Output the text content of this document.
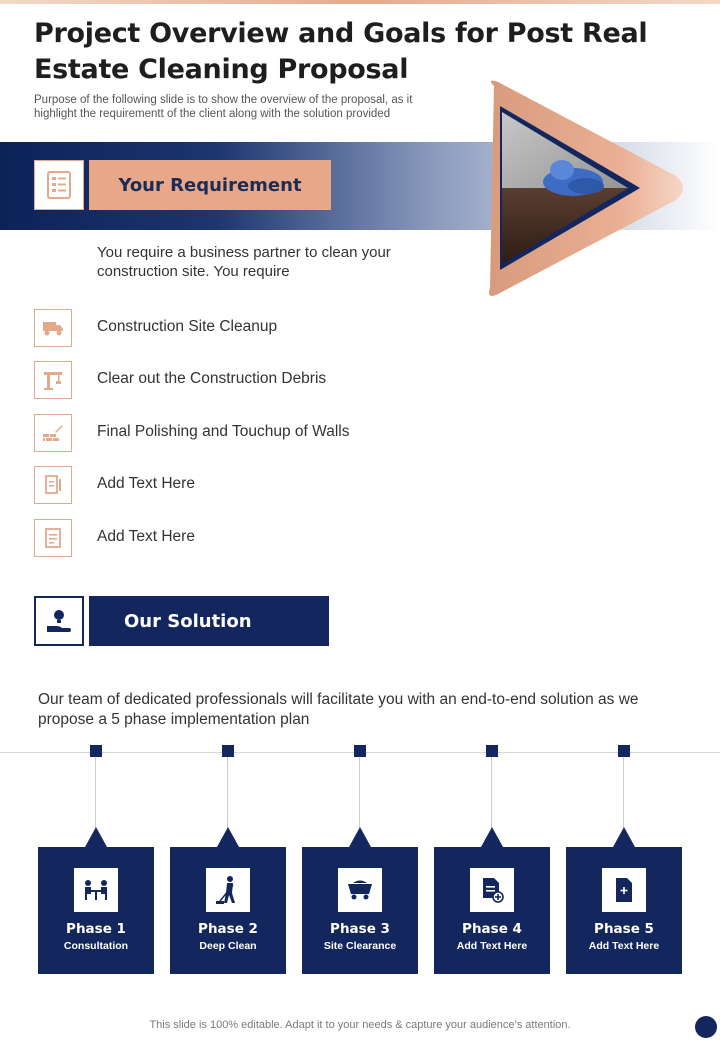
Project Overview and Goals for Post Real Estate Cleaning Proposal

Purpose of the following slide is to show the overview of the proposal, as it highlight the requirementt of the client along with the solution provided

Your Requirement

You require a business partner to clean your construction site. You require

Construction Site Cleanup
Clear out the Construction Debris
Final Polishing and Touchup of Walls
Add Text Here
Add Text Here
Our Solution

Our team of dedicated professionals will facilitate you with an end-to-end solution as we propose a 5 phase implementation plan

Phase 1
Consultation
Phase 2
Deep Clean
Phase 3
Site Clearance
Phase 4
Add Text Here
Phase 5
Add Text Here
This slide is 100% editable. Adapt it to your needs & capture your audience’s attention.
